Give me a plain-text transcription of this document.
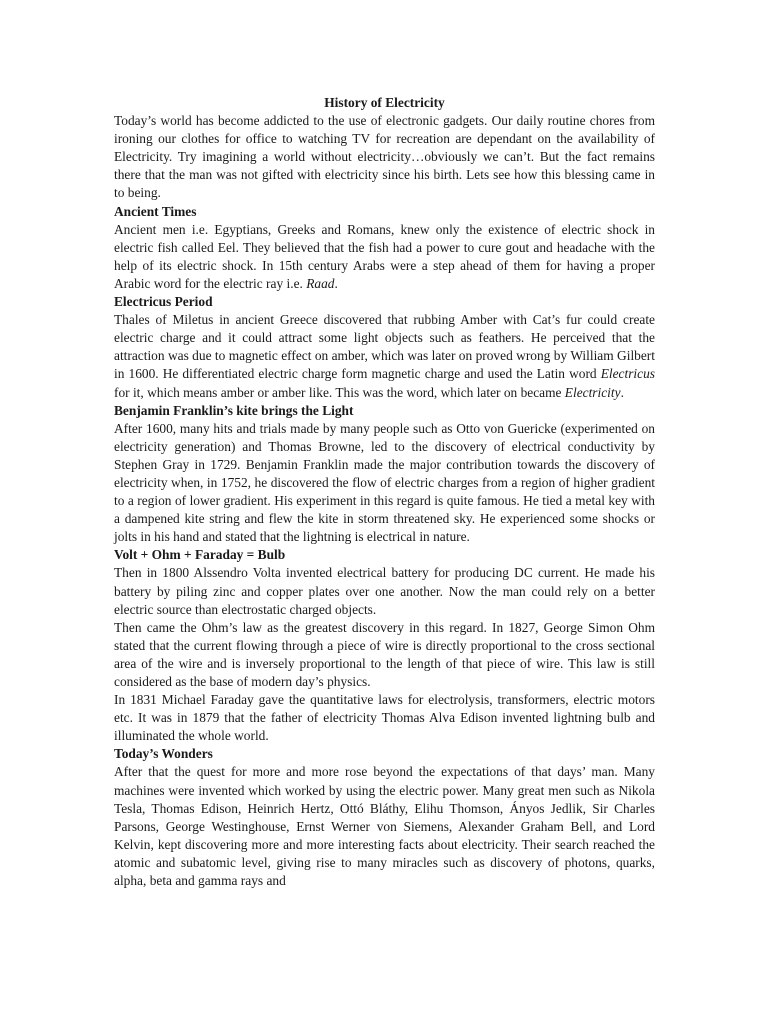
History of Electricity

Today’s world has become addicted to the use of electronic gadgets. Our daily routine chores from ironing our clothes for office to watching TV for recreation are dependant on the availability of Electricity. Try imagining a world without electricity…obviously we can’t. But the fact remains there that the man was not gifted with electricity since his birth. Lets see how this blessing came in to being.

Ancient Times

Ancient men i.e. Egyptians, Greeks and Romans, knew only the existence of electric shock in electric fish called Eel. They believed that the fish had a power to cure gout and headache with the help of its electric shock. In 15th century Arabs were a step ahead of them for having a proper Arabic word for the electric ray i.e. Raad.

Electricus Period

Thales of Miletus in ancient Greece discovered that rubbing Amber with Cat’s fur could create electric charge and it could attract some light objects such as feathers. He perceived that the attraction was due to magnetic effect on amber, which was later on proved wrong by William Gilbert in 1600. He differentiated electric charge form magnetic charge and used the Latin word Electricus for it, which means amber or amber like. This was the word, which later on became Electricity.

Benjamin Franklin’s kite brings the Light

After 1600, many hits and trials made by many people such as Otto von Guericke (experimented on electricity generation) and Thomas Browne, led to the discovery of electrical conductivity by Stephen Gray in 1729. Benjamin Franklin made the major contribution towards the discovery of electricity when, in 1752, he discovered the flow of electric charges from a region of higher gradient to a region of lower gradient. His experiment in this regard is quite famous. He tied a metal key with a dampened kite string and flew the kite in storm threatened sky. He experienced some shocks or jolts in his hand and stated that the lightning is electrical in nature.

Volt + Ohm + Faraday = Bulb

Then in 1800 Alssendro Volta invented electrical battery for producing DC current. He made his battery by piling zinc and copper plates over one another. Now the man could rely on a better electric source than electrostatic charged objects.

Then came the Ohm’s law as the greatest discovery in this regard. In 1827, George Simon Ohm stated that the current flowing through a piece of wire is directly proportional to the cross sectional area of the wire and is inversely proportional to the length of that piece of wire. This law is still considered as the base of modern day’s physics.

In 1831 Michael Faraday gave the quantitative laws for electrolysis, transformers, electric motors etc. It was in 1879 that the father of electricity Thomas Alva Edison invented lightning bulb and illuminated the whole world.

Today’s Wonders

After that the quest for more and more rose beyond the expectations of that days’ man. Many machines were invented which worked by using the electric power. Many great men such as Nikola Tesla, Thomas Edison, Heinrich Hertz, Ottó Bláthy, Elihu Thomson, Ányos Jedlik, Sir Charles Parsons, George Westinghouse, Ernst Werner von Siemens, Alexander Graham Bell, and Lord Kelvin, kept discovering more and more interesting facts about electricity. Their search reached the atomic and subatomic level, giving rise to many miracles such as discovery of photons, quarks, alpha, beta and gamma rays and
